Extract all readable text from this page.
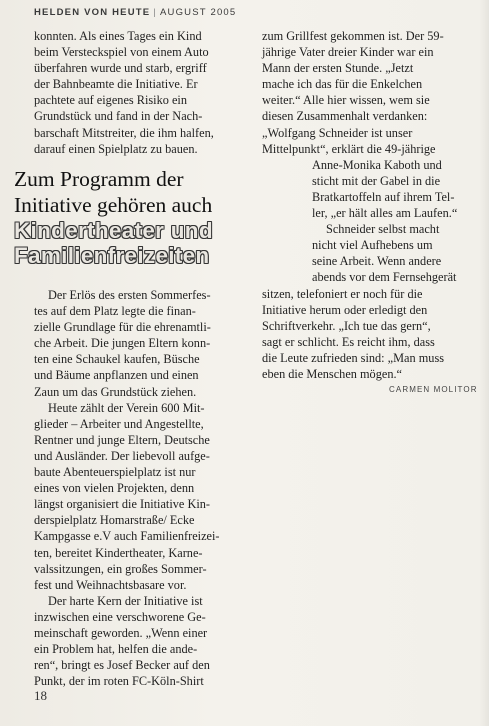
HELDEN VON HEUTE | AUGUST 2005

konnten. Als eines Tages ein Kind
beim Versteckspiel von einem Auto
überfahren wurde und starb, ergriff
der Bahnbeamte die Initiative. Er
pachtete auf eigenes Risiko ein
Grundstück und fand in der Nach-
barschaft Mitstreiter, die ihm halfen,
darauf einen Spielplatz zu bauen.

Zum Programm der
Initiative gehören auch
Kindertheater und
Familienfreizeiten

Der Erlös des ersten Sommerfes-
tes auf dem Platz legte die finan-
zielle Grundlage für die ehrenamtli-
che Arbeit. Die jungen Eltern konn-
ten eine Schaukel kaufen, Büsche
und Bäume anpflanzen und einen
Zaun um das Grundstück ziehen.

Heute zählt der Verein 600 Mit-
glieder – Arbeiter und Angestellte,
Rentner und junge Eltern, Deutsche
und Ausländer. Der liebevoll aufge-
baute Abenteuerspielplatz ist nur
eines von vielen Projekten, denn
längst organisiert die Initiative Kin-
derspielplatz Homarstraße/ Ecke
Kampgasse e.V auch Familienfreizei-
ten, bereitet Kindertheater, Karne-
valssitzungen, ein großes Sommer-
fest und Weihnachtsbasare vor.

Der harte Kern der Initiative ist
inzwischen eine verschworene Ge-
meinschaft geworden. „Wenn einer
ein Problem hat, helfen die ande-
ren“, bringt es Josef Becker auf den
Punkt, der im roten FC-Köln-Shirt

zum Grillfest gekommen ist. Der 59-
jährige Vater dreier Kinder war ein
Mann der ersten Stunde. „Jetzt
mache ich das für die Enkelchen
weiter.“ Alle hier wissen, wem sie
diesen Zusammenhalt verdanken:
„Wolfgang Schneider ist unser
Mittelpunkt“, erklärt die 49-jährige
Anne-Monika Kaboth und
sticht mit der Gabel in die
Bratkartoffeln auf ihrem Tel-
ler, „er hält alles am Laufen.“

Schneider selbst macht
nicht viel Aufhebens um
seine Arbeit. Wenn andere
abends vor dem Fernsehgerät
sitzen, telefoniert er noch für die
Initiative herum oder erledigt den
Schriftverkehr. „Ich tue das gern“,
sagt er schlicht. Es reicht ihm, dass
die Leute zufrieden sind: „Man muss
eben die Menschen mögen.“

CARMEN MOLITOR
18
